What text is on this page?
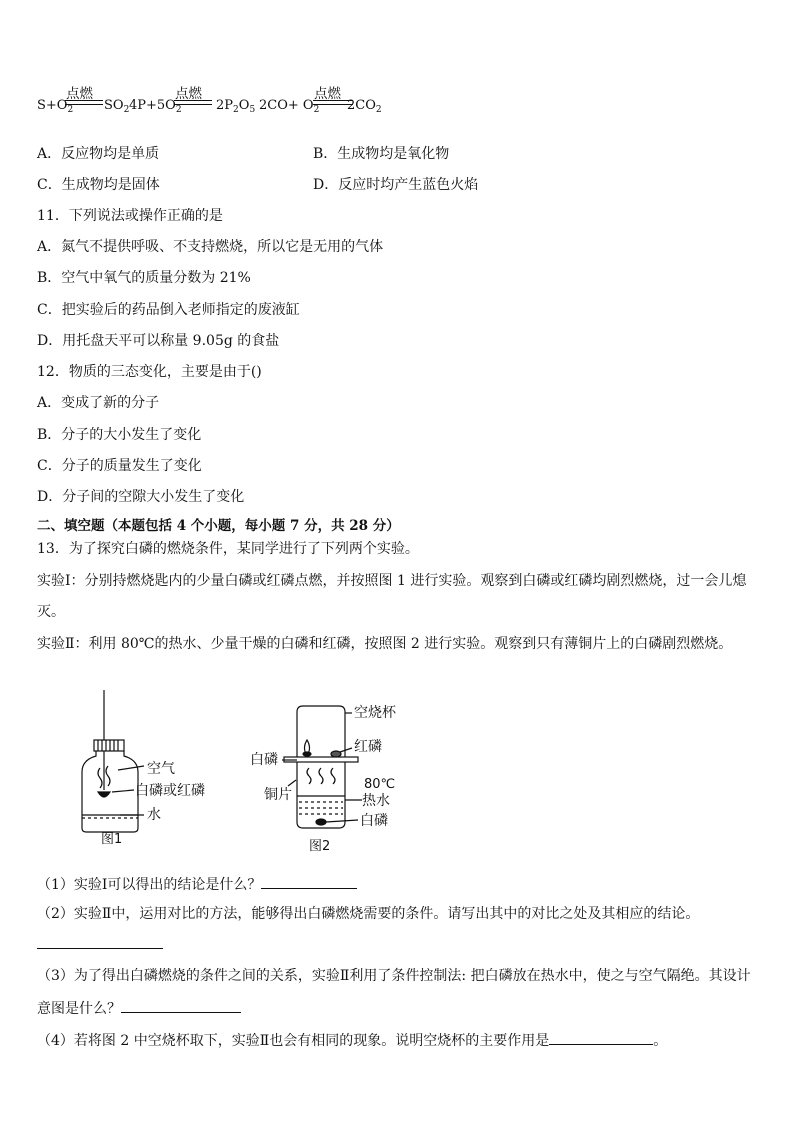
$S+O_2$
点燃
$SO_2$ $4P+5O_2$
点燃
$2P_2O_5$ $2CO+ O_2$
点燃
$2CO_2$
A．反应物均是单质	B．生成物均是氧化物
C．生成物均是固体	D．反应时均产生蓝色火焰
11．下列说法或操作正确的是
A．氮气不提供呼吸、不支持燃烧，所以它是无用的气体
B．空气中氧气的质量分数为 21%
C．把实验后的药品倒入老师指定的废液缸
D．用托盘天平可以称量 9.05g 的食盐
12．物质的三态变化，主要是由于()
A．变成了新的分子
B．分子的大小发生了变化
C．分子的质量发生了变化
D．分子间的空隙大小发生了变化
二、填空题（本题包括 4 个小题，每小题 7 分，共 28 分）
13．为了探究白磷的燃烧条件，某同学进行了下列两个实验。
实验Ⅰ：分别持燃烧匙内的少量白磷或红磷点燃，并按照图 1 进行实验。观察到白磷或红磷均剧烈燃烧，过一会儿熄
灭。
实验Ⅱ：利用 80℃的热水、少量干燥的白磷和红磷，按照图 2 进行实验。观察到只有薄铜片上的白磷剧烈燃烧。
空气
白磷或红磷
水
图1
空烧杯
红磷
白磷
80℃
铜片	热水
白磷
图2
（1）实验Ⅰ可以得出的结论是什么？
（2）实验Ⅱ中，运用对比的方法，能够得出白磷燃烧需要的条件。请写出其中的对比之处及其相应的结论。
（3）为了得出白磷燃烧的条件之间的关系，实验Ⅱ利用了条件控制法: 把白磷放在热水中，使之与空气隔绝。其设计
意图是什么？
（4）若将图 2 中空烧杯取下，实验Ⅱ也会有相同的现象。说明空烧杯的主要作用是	。
